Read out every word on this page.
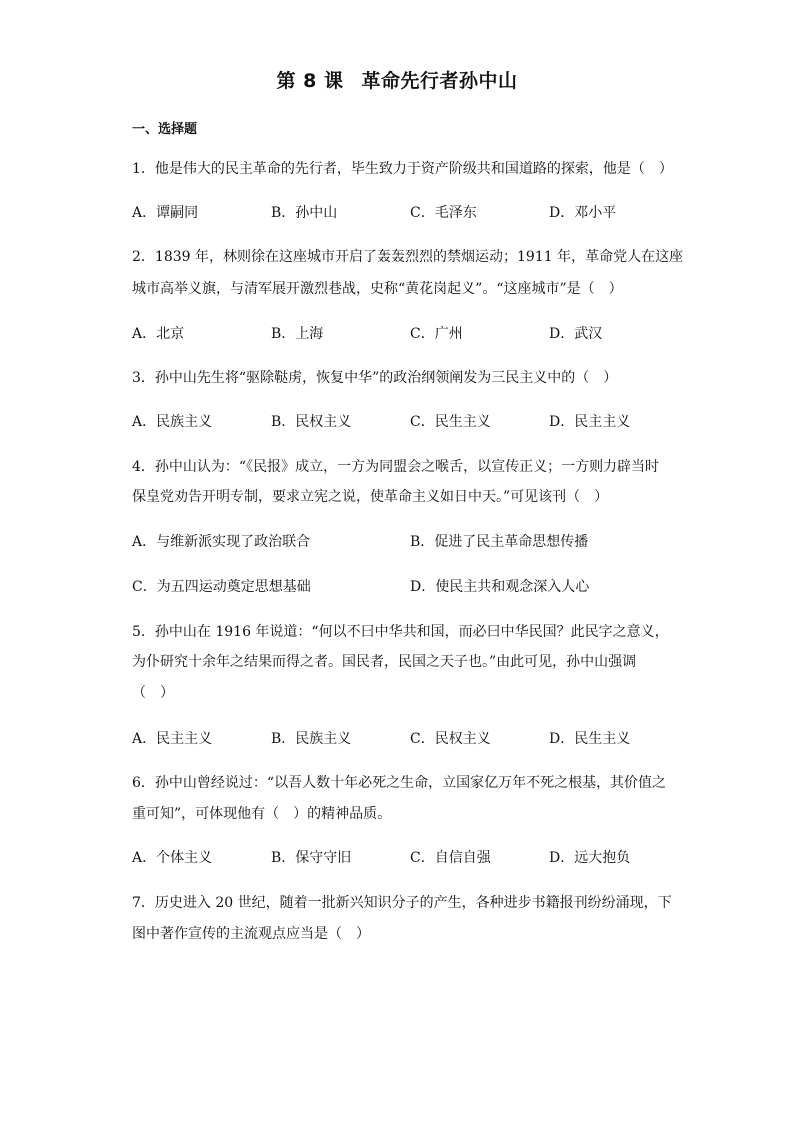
第 8 课 革命先行者孙中山
一、选择题
1．他是伟大的民主革命的先行者，毕生致力于资产阶级共和国道路的探索，他是（　）
A．谭嗣同	B．孙中山	C．毛泽东	D．邓小平
2．1839 年，林则徐在这座城市开启了轰轰烈烈的禁烟运动；1911 年，革命党人在这座
城市高举义旗，与清军展开激烈巷战，史称“黄花岗起义”。“这座城市”是（　）
A．北京	B．上海	C．广州	D．武汉
3．孙中山先生将“驱除鞑虏，恢复中华”的政治纲领阐发为三民主义中的（　）
A．民族主义	B．民权主义	C．民生主义	D．民主主义
4．孙中山认为：“《民报》成立，一方为同盟会之喉舌，以宣传正义；一方则力辟当时
保皇党劝告开明专制，要求立宪之说，使革命主义如日中天。”可见该刊（　）
A．与维新派实现了政治联合	B．促进了民主革命思想传播
C．为五四运动奠定思想基础	D．使民主共和观念深入人心
5．孙中山在 1916 年说道：“何以不曰中华共和国，而必曰中华民国？此民字之意义，
为仆研究十余年之结果而得之者。国民者，民国之天子也。”由此可见，孙中山强调
（　）
A．民主主义	B．民族主义	C．民权主义	D．民生主义
6．孙中山曾经说过：“以吾人数十年必死之生命，立国家亿万年不死之根基，其价值之
重可知”，可体现他有（　）的精神品质。
A．个体主义	B．保守守旧	C．自信自强	D．远大抱负
7．历史进入 20 世纪，随着一批新兴知识分子的产生，各种进步书籍报刊纷纷涌现，下
图中著作宣传的主流观点应当是（　）
